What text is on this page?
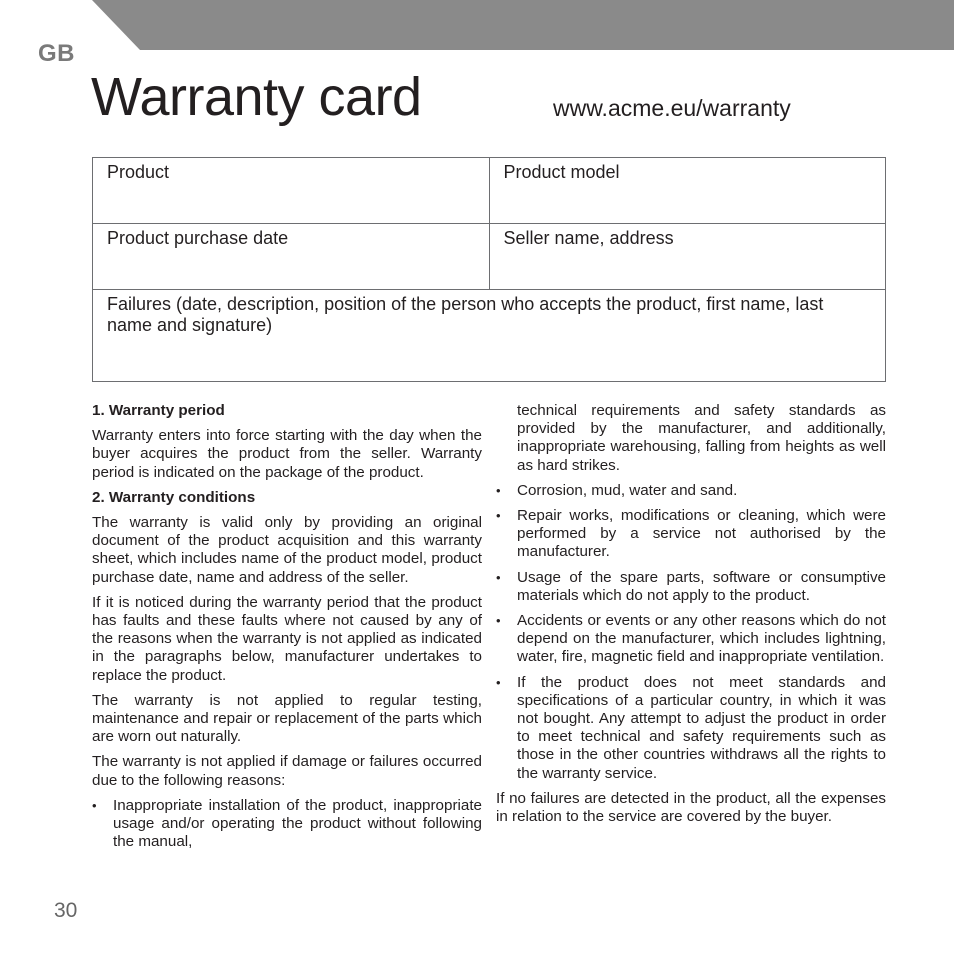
GB
Warranty card	www.acme.eu/warranty
Product	Product model
Product purchase date	Seller name, address
Failures (date, description, position of the person who accepts the product, first name, last name and signature)	
1. Warranty period

Warranty enters into force starting with the day when the buyer acquires the product from the seller. Warranty period is indicated on the package of the product.

2. Warranty conditions

The warranty is valid only by providing an original document of the product acquisition and this warranty sheet, which includes name of the product model, product purchase date, name and address of the seller.

If it is noticed during the warranty period that the product has faults and these faults where not caused by any of the reasons when the warranty is not applied as indicated in the paragraphs below, manufacturer undertakes to replace the product.

The warranty is not applied to regular testing, maintenance and repair or replacement of the parts which are worn out naturally.

The warranty is not applied if damage or failures occurred due to the following reasons:

• Inappropriate installation of the product, inappropriate usage and/or operating the product without following the manual,

technical requirements and safety standards as provided by the manufacturer, and additionally, inappropriate warehousing, falling from heights as well as hard strikes.

• Corrosion, mud, water and sand.
• Repair works, modifications or cleaning, which were performed by a service not authorised by the manufacturer.
• Usage of the spare parts, software or consumptive materials which do not apply to the product.
• Accidents or events or any other reasons which do not depend on the manufacturer, which includes lightning, water, fire, magnetic field and inappropriate ventilation.
• If the product does not meet standards and specifications of a particular country, in which it was not bought. Any attempt to adjust the product in order to meet technical and safety requirements such as those in the other countries withdraws all the rights to the warranty service.

If no failures are detected in the product, all the expenses in relation to the service are covered by the buyer.

30
